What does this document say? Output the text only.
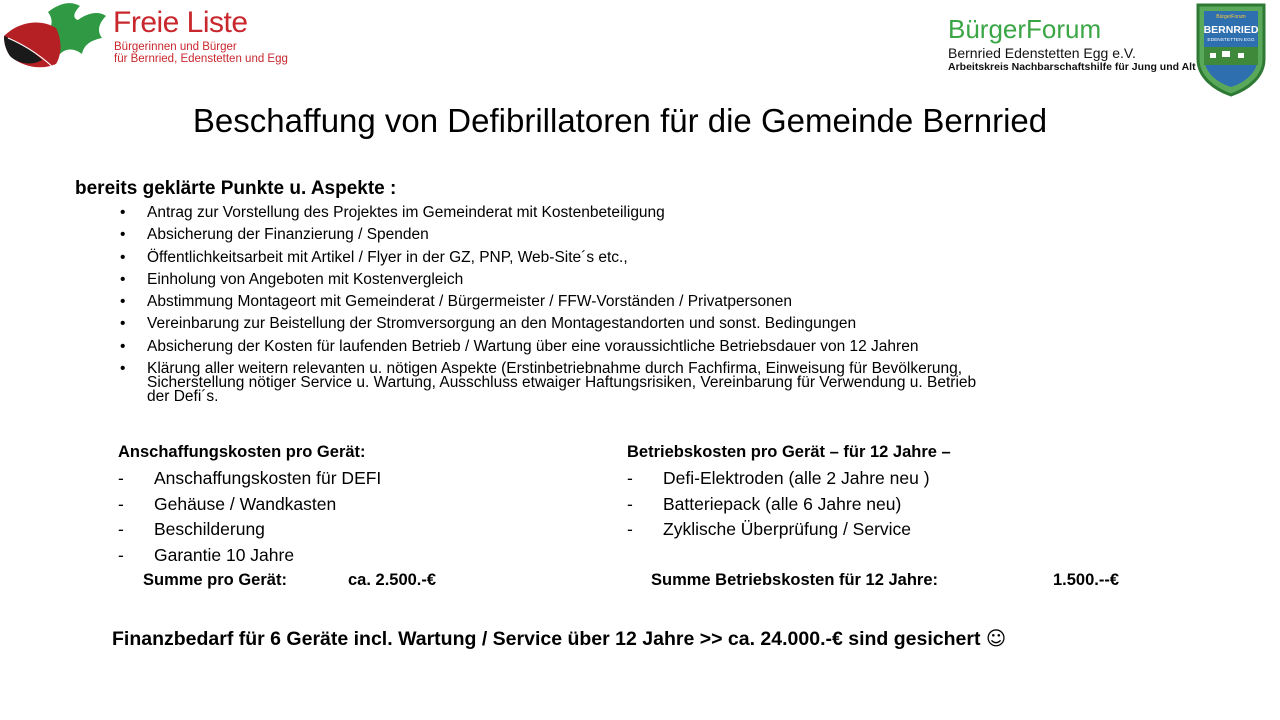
Freie Liste
Bürgerinnen und Bürger
für Bernried, Edenstetten und Egg
BürgerForum
Bernried Edenstetten Egg e.V.
Arbeitskreis Nachbarschaftshilfe für Jung und Alt
BürgerForum
BERNRIED
EDENSTETTEN EGG
Beschaffung von Defibrillatoren für die Gemeinde Bernried
bereits geklärte Punkte u. Aspekte :
• Antrag zur Vorstellung des Projektes im Gemeinderat mit Kostenbeteiligung
• Absicherung der Finanzierung / Spenden
• Öffentlichkeitsarbeit mit Artikel / Flyer in der GZ, PNP, Web-Site´s etc.,
• Einholung von Angeboten mit Kostenvergleich
• Abstimmung Montageort mit Gemeinderat / Bürgermeister / FFW-Vorständen / Privatpersonen
• Vereinbarung zur Beistellung der Stromversorgung an den Montagestandorten und sonst. Bedingungen
• Absicherung der Kosten für laufenden Betrieb / Wartung über eine voraussichtliche Betriebsdauer von 12 Jahren
• Klärung aller weitern relevanten u. nötigen Aspekte (Erstinbetriebnahme durch Fachfirma, Einweisung für Bevölkerung,
Sicherstellung nötiger Service u. Wartung, Ausschluss etwaiger Haftungsrisiken, Vereinbarung für Verwendung u. Betrieb
der Defi´s.
Anschaffungskosten pro Gerät:
- Anschaffungskosten für DEFI
- Gehäuse / Wandkasten
- Beschilderung
- Garantie 10 Jahre
Summe pro Gerät:	ca. 2.500.-€
Betriebskosten pro Gerät – für 12 Jahre –
- Defi-Elektroden (alle 2 Jahre neu )
- Batteriepack (alle 6 Jahre neu)
- Zyklische Überprüfung / Service
Summe Betriebskosten für 12 Jahre:	1.500.--€
Finanzbedarf für 6 Geräte incl. Wartung / Service über 12 Jahre >> ca. 24.000.-€ sind gesichert ☺
